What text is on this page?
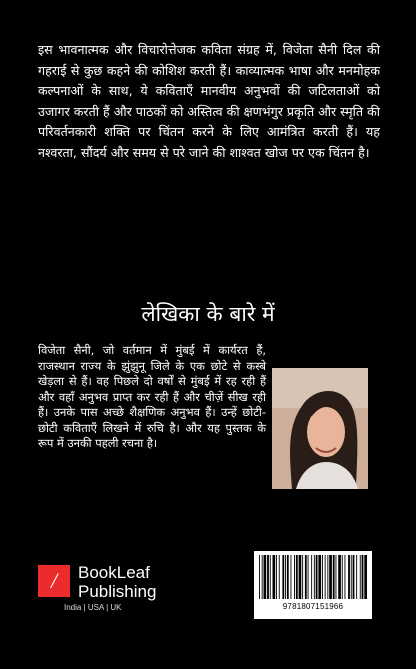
इस भावनात्मक और विचारोत्तेजक कविता संग्रह में, विजेता सैनी दिल की गहराई से कुछ कहने की कोशिश करती हैं। काव्यात्मक भाषा और मनमोहक कल्पनाओं के साथ, ये कविताएँ मानवीय अनुभवों की जटिलताओं को उजागर करती हैं और पाठकों को अस्तित्व की क्षणभंगुर प्रकृति और स्मृति की परिवर्तनकारी शक्ति पर चिंतन करने के लिए आमंत्रित करती हैं। यह नश्वरता, सौंदर्य और समय से परे जाने की शाश्वत खोज पर एक चिंतन है।

लेखिका के बारे में

विजेता सैनी, जो वर्तमान में मुंबई में कार्यरत हैं, राजस्थान राज्य के झुंझुनू जिले के एक छोटे से कस्बे खेड़ला से हैं। वह पिछले दो वर्षों से मुंबई में रह रही हैं और वहाँ अनुभव प्राप्त कर रही हैं और चीज़ें सीख रही हैं। उनके पास अच्छे शैक्षणिक अनुभव हैं। उन्हें छोटी-छोटी कविताएँ लिखने में रुचि है। और यह पुस्तक के रूप में उनकी पहली रचना है।

/	BookLeaf
Publishing
India | USA | UK	9781807151966
